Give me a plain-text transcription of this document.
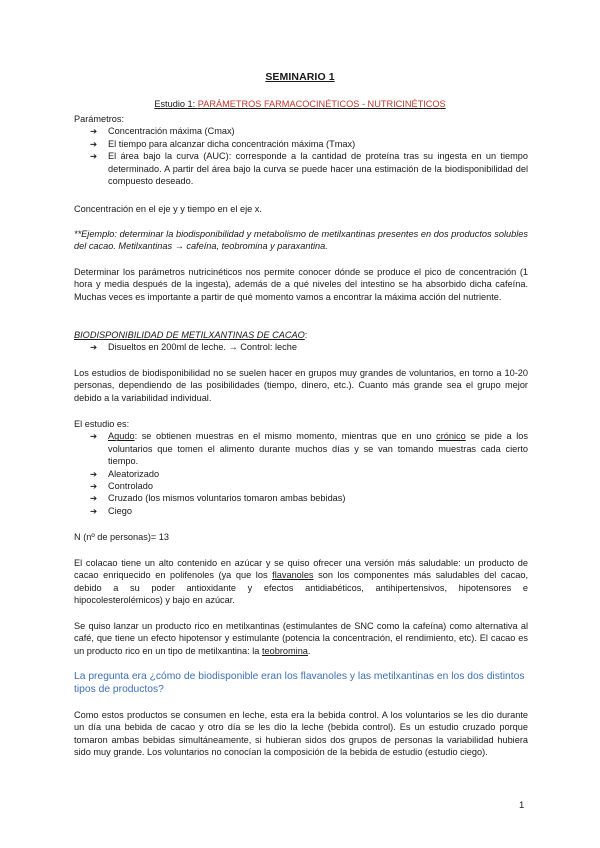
SEMINARIO 1
Estudio 1: PARÁMETROS FARMACOCINÉTICOS - NUTRICINÉTICOS
Parámetros:
➔ Concentración máxima (Cmax)
➔ El tiempo para alcanzar dicha concentración máxima (Tmax)
➔ El área bajo la curva (AUC): corresponde a la cantidad de proteína tras su ingesta en un tiempo determinado. A partir del área bajo la curva se puede hacer una estimación de la biodisponibilidad del compuesto deseado.
Concentración en el eje y y tiempo en el eje x.
**Ejemplo: determinar la biodisponibilidad y metabolismo de metilxantinas presentes en dos productos solubles del cacao. Metilxantinas → cafeína, teobromina y paraxantina.
Determinar los parámetros nutricinéticos nos permite conocer dónde se produce el pico de concentración (1 hora y media después de la ingesta), además de a qué niveles del intestino se ha absorbido dicha cafeína. Muchas veces es importante a partir de qué momento vamos a encontrar la máxima acción del nutriente.
BIODISPONIBILIDAD DE METILXANTINAS DE CACAO:
➔ Disueltos en 200ml de leche. → Control: leche
Los estudios de biodisponibilidad no se suelen hacer en grupos muy grandes de voluntarios, en torno a 10-20 personas, dependiendo de las posibilidades (tiempo, dinero, etc.). Cuanto más grande sea el grupo mejor debido a la variabilidad individual.
El estudio es:
➔ Agudo: se obtienen muestras en el mismo momento, mientras que en uno crónico se pide a los voluntarios que tomen el alimento durante muchos días y se van tomando muestras cada cierto tiempo.
➔ Aleatorizado
➔ Controlado
➔ Cruzado (los mismos voluntarios tomaron ambas bebidas)
➔ Ciego
N (nº de personas)= 13
El colacao tiene un alto contenido en azúcar y se quiso ofrecer una versión más saludable: un producto de cacao enriquecido en polifenoles (ya que los flavanoles son los componentes más saludables del cacao, debido a su poder antioxidante y efectos antidiabéticos, antihipertensivos, hipotensores e hipocolesterolémicos) y bajo en azúcar.
Se quiso lanzar un producto rico en metilxantinas (estimulantes de SNC como la cafeína) como alternativa al café, que tiene un efecto hipotensor y estimulante (potencia la concentración, el rendimiento, etc). El cacao es un producto rico en un tipo de metilxantina: la teobromina.
La pregunta era ¿cómo de biodisponible eran los flavanoles y las metilxantinas en los dos distintos tipos de productos?
Como estos productos se consumen en leche, esta era la bebida control. A los voluntarios se les dio durante un día una bebida de cacao y otro día se les dio la leche (bebida control). Es un estudio cruzado porque tomaron ambas bebidas simultáneamente, si hubieran sidos dos grupos de personas la variabilidad hubiera sido muy grande. Los voluntarios no conocían la composición de la bebida de estudio (estudio ciego).
1
